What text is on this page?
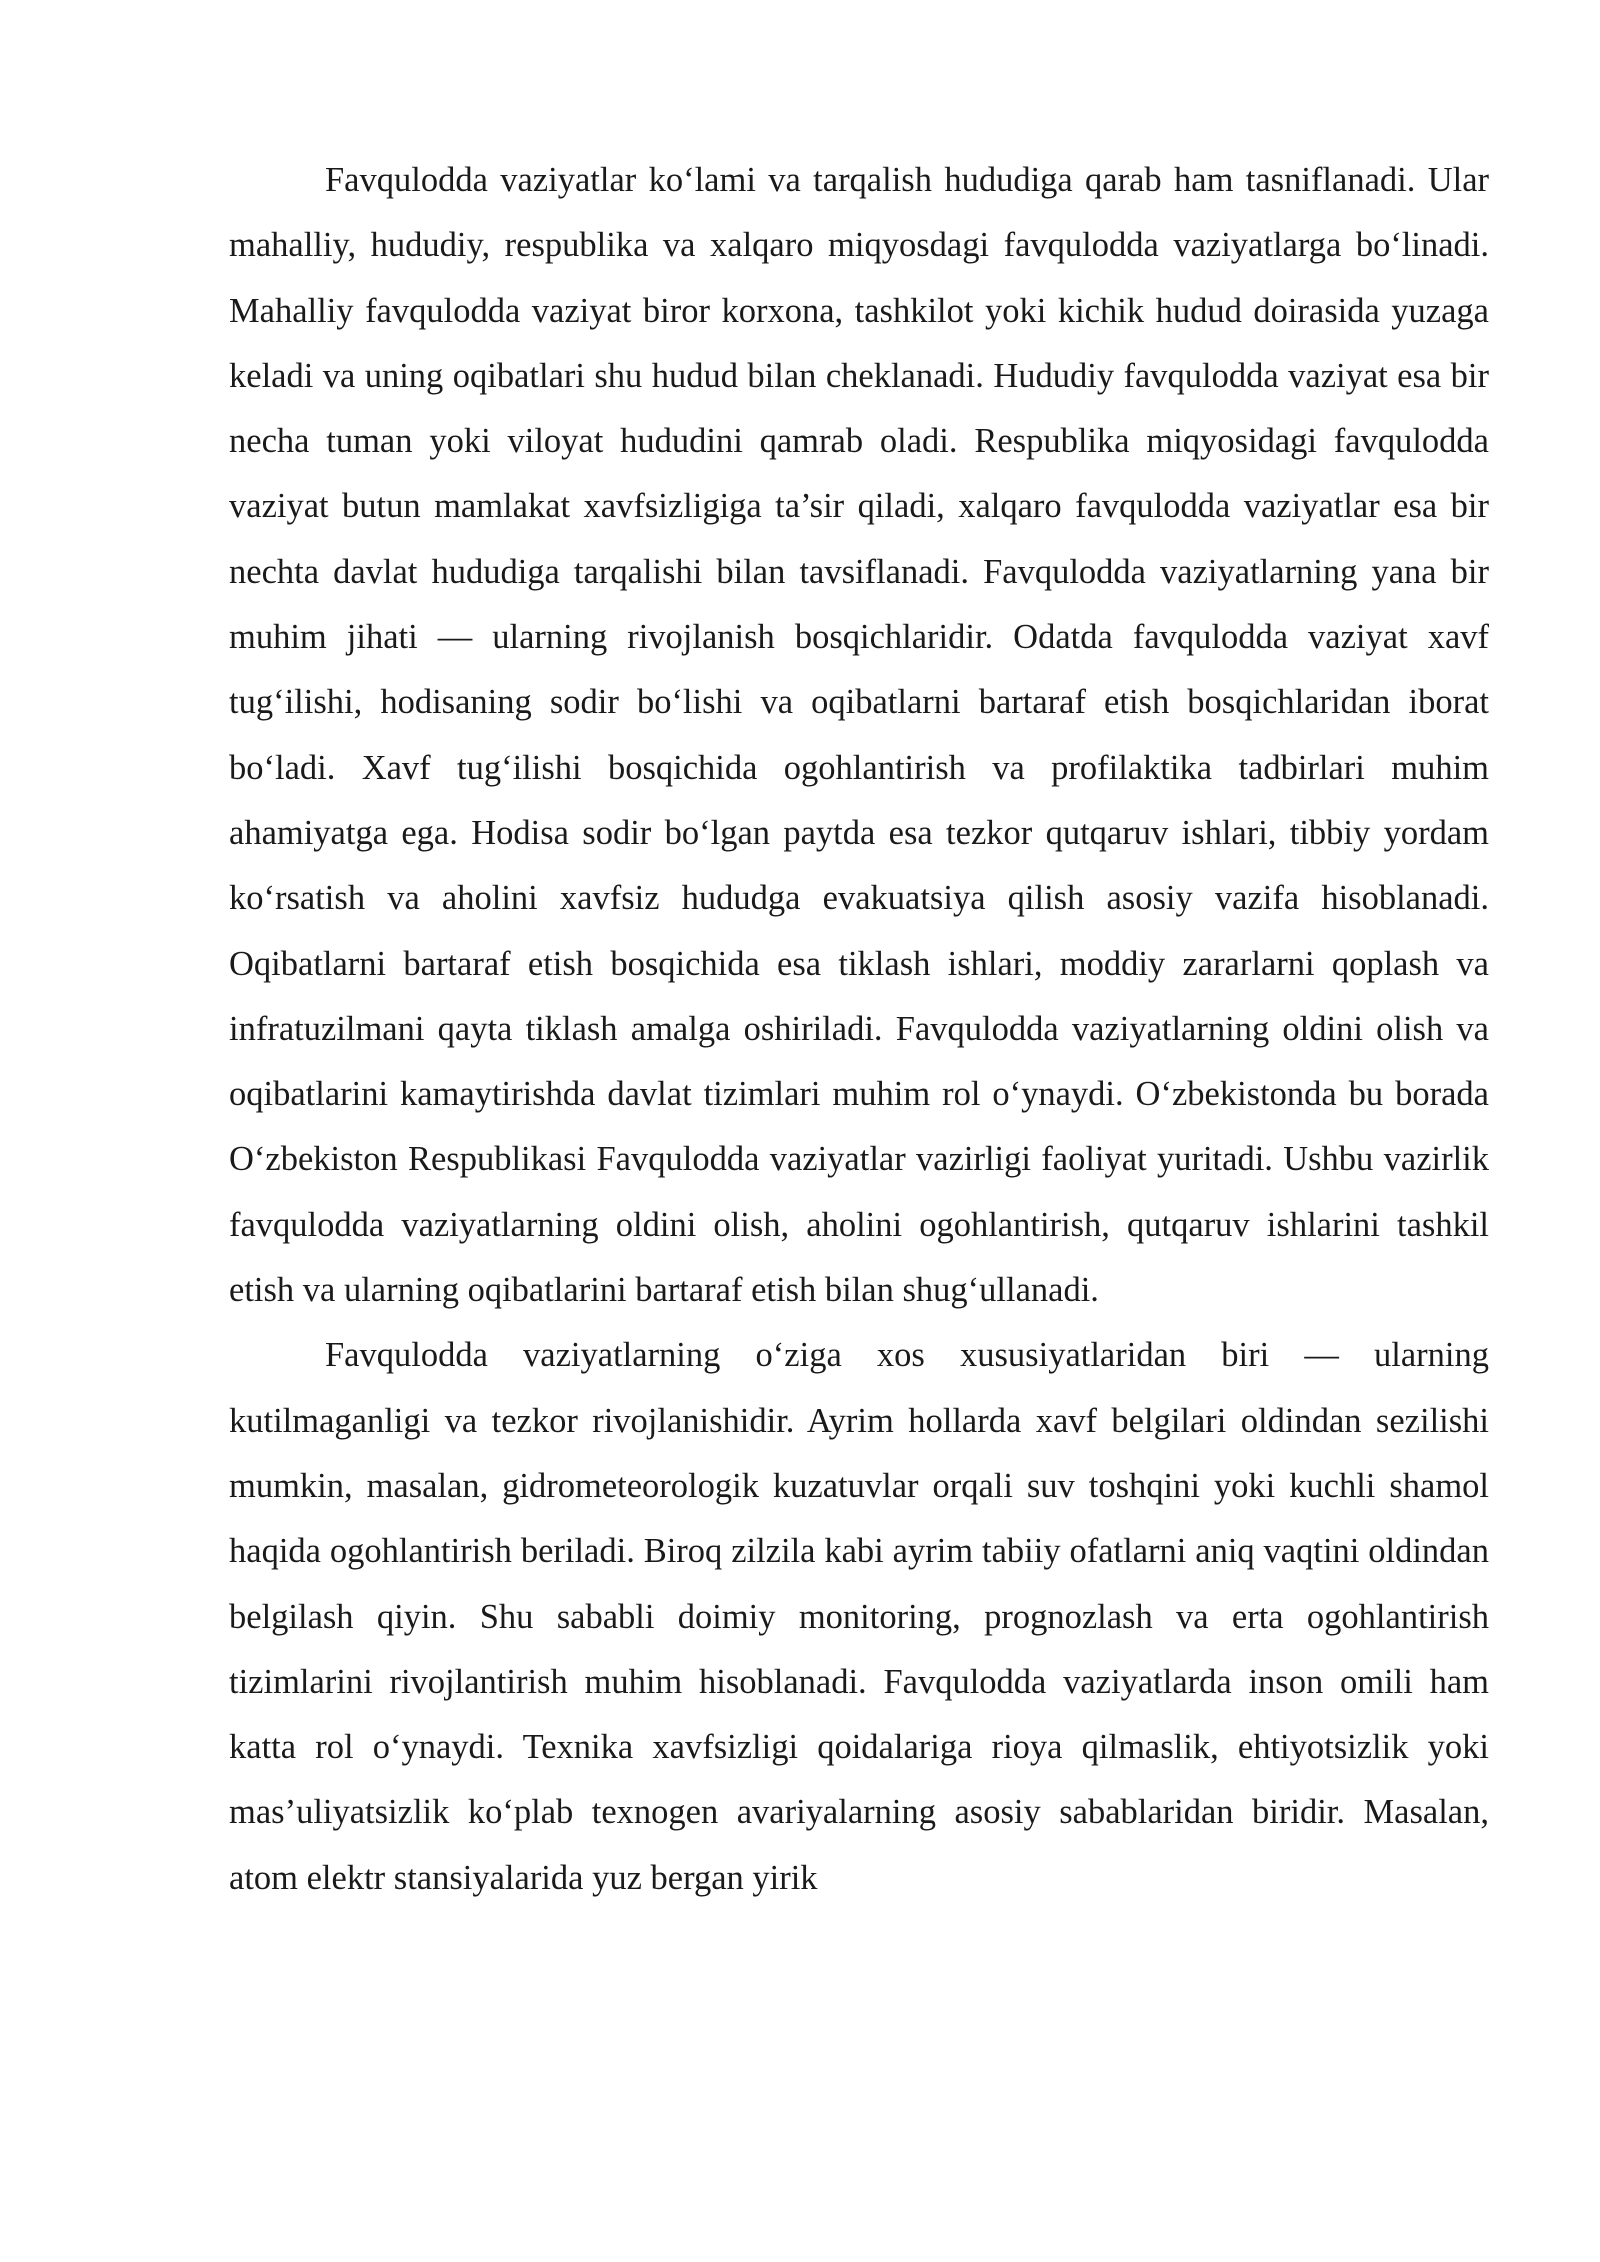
Favqulodda vaziyatlar ko‘lami va tarqalish hududiga qarab ham tasniflanadi. Ular mahalliy, hududiy, respublika va xalqaro miqyosdagi favqulodda vaziyatlarga bo‘linadi. Mahalliy favqulodda vaziyat biror korxona, tashkilot yoki kichik hudud doirasida yuzaga keladi va uning oqibatlari shu hudud bilan cheklanadi. Hududiy favqulodda vaziyat esa bir necha tuman yoki viloyat hududini qamrab oladi. Respublika miqyosidagi favqulodda vaziyat butun mamlakat xavfsizligiga ta’sir qiladi, xalqaro favqulodda vaziyatlar esa bir nechta davlat hududiga tarqalishi bilan tavsiflanadi. Favqulodda vaziyatlarning yana bir muhim jihati — ularning rivojlanish bosqichlaridir. Odatda favqulodda vaziyat xavf tug‘ilishi, hodisaning sodir bo‘lishi va oqibatlarni bartaraf etish bosqichlaridan iborat bo‘ladi. Xavf tug‘ilishi bosqichida ogohlantirish va profilaktika tadbirlari muhim ahamiyatga ega. Hodisa sodir bo‘lgan paytda esa tezkor qutqaruv ishlari, tibbiy yordam ko‘rsatish va aholini xavfsiz hududga evakuatsiya qilish asosiy vazifa hisoblanadi. Oqibatlarni bartaraf etish bosqichida esa tiklash ishlari, moddiy zararlarni qoplash va infratuzilmani qayta tiklash amalga oshiriladi. Favqulodda vaziyatlarning oldini olish va oqibatlarini kamaytirishda davlat tizimlari muhim rol o‘ynaydi. O‘zbekistonda bu borada O‘zbekiston Respublikasi Favqulodda vaziyatlar vazirligi faoliyat yuritadi. Ushbu vazirlik favqulodda vaziyatlarning oldini olish, aholini ogohlantirish, qutqaruv ishlarini tashkil etish va ularning oqibatlarini bartaraf etish bilan shug‘ullanadi.

Favqulodda vaziyatlarning o‘ziga xos xususiyatlaridan biri — ularning kutilmaganligi va tezkor rivojlanishidir. Ayrim hollarda xavf belgilari oldindan sezilishi mumkin, masalan, gidrometeorologik kuzatuvlar orqali suv toshqini yoki kuchli shamol haqida ogohlantirish beriladi. Biroq zilzila kabi ayrim tabiiy ofatlarni aniq vaqtini oldindan belgilash qiyin. Shu sababli doimiy monitoring, prognozlash va erta ogohlantirish tizimlarini rivojlantirish muhim hisoblanadi. Favqulodda vaziyatlarda inson omili ham katta rol o‘ynaydi. Texnika xavfsizligi qoidalariga rioya qilmaslik, ehtiyotsizlik yoki mas’uliyatsizlik ko‘plab texnogen avariyalarning asosiy sabablaridan biridir. Masalan, atom elektr stansiyalarida yuz bergan yirik
